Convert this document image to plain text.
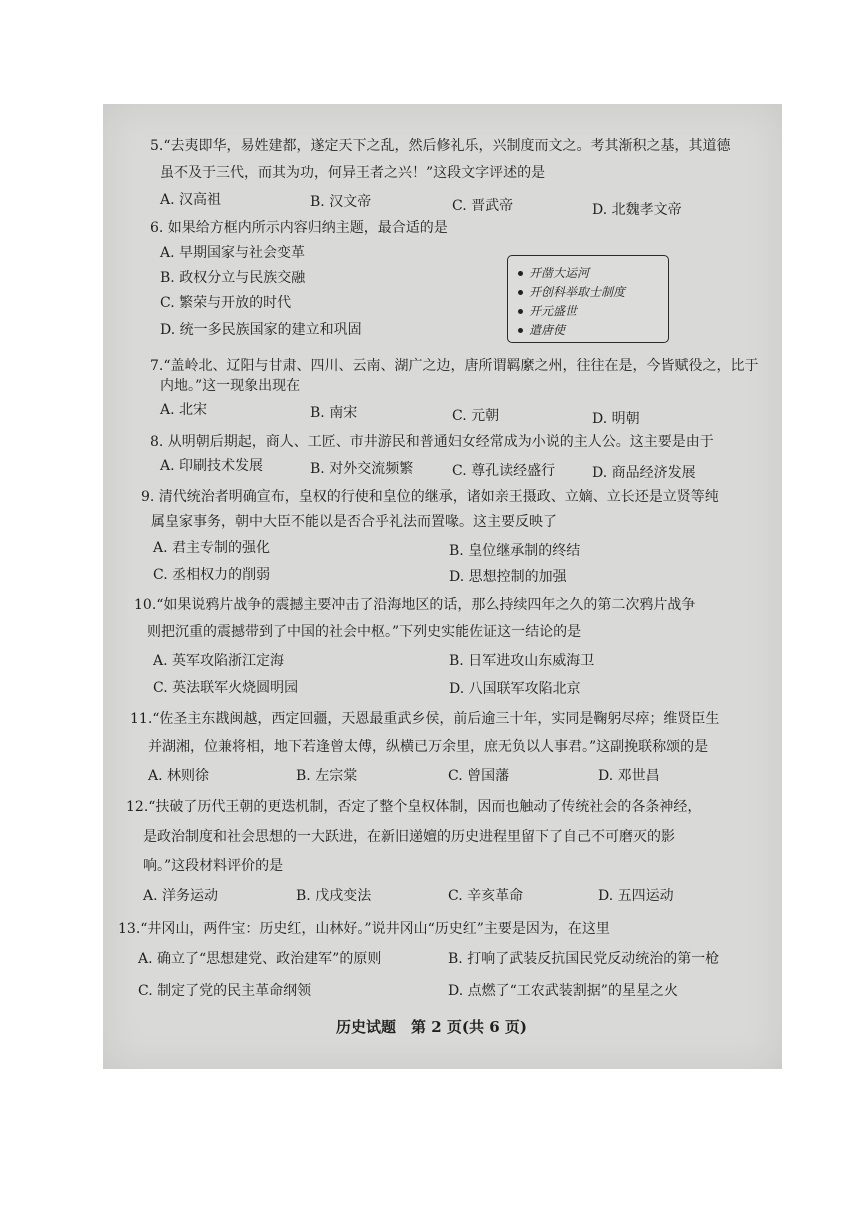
5.“去夷即华，易姓建都，遂定天下之乱，然后修礼乐，兴制度而文之。考其渐积之基，其道德
虽不及于三代，而其为功，何异王者之兴！”这段文字评述的是
A. 汉高祖	B. 汉文帝	C. 晋武帝	D. 北魏孝文帝
6. 如果给方框内所示内容归纳主题，最合适的是
A. 早期国家与社会变革
B. 政权分立与民族交融
C. 繁荣与开放的时代
D. 统一多民族国家的建立和巩固
开凿大运河
开创科举取士制度
开元盛世
遣唐使
7.“盖岭北、辽阳与甘肃、四川、云南、湖广之边，唐所谓羁縻之州，往往在是，今皆赋役之，比于
内地。”这一现象出现在
A. 北宋	B. 南宋	C. 元朝	D. 明朝
8. 从明朝后期起，商人、工匠、市井游民和普通妇女经常成为小说的主人公。这主要是由于
A. 印刷技术发展	B. 对外交流频繁	C. 尊孔读经盛行	D. 商品经济发展
9. 清代统治者明确宣布，皇权的行使和皇位的继承，诸如亲王摄政、立嫡、立长还是立贤等纯
属皇家事务，朝中大臣不能以是否合乎礼法而置喙。这主要反映了
A. 君主专制的强化	B. 皇位继承制的终结
C. 丞相权力的削弱	D. 思想控制的加强
10.“如果说鸦片战争的震撼主要冲击了沿海地区的话，那么持续四年之久的第二次鸦片战争
则把沉重的震撼带到了中国的社会中枢。”下列史实能佐证这一结论的是
A. 英军攻陷浙江定海	B. 日军进攻山东威海卫
C. 英法联军火烧圆明园	D. 八国联军攻陷北京
11.“佐圣主东戡闽越，西定回疆，天恩最重武乡侯，前后逾三十年，实同是鞠躬尽瘁；维贤臣生
并湖湘，位兼将相，地下若逢曾太傅，纵横已万余里，庶无负以人事君。”这副挽联称颂的是
A. 林则徐	B. 左宗棠	C. 曾国藩	D. 邓世昌
12.“扶破了历代王朝的更迭机制，否定了整个皇权体制，因而也触动了传统社会的各条神经，
是政治制度和社会思想的一大跃进，在新旧递嬗的历史进程里留下了自己不可磨灭的影
响。”这段材料评价的是
A. 洋务运动	B. 戊戌变法	C. 辛亥革命	D. 五四运动
13.“井冈山，两件宝：历史红，山林好。”说井冈山“历史红”主要是因为，在这里
A. 确立了“思想建党、政治建军”的原则	B. 打响了武装反抗国民党反动统治的第一枪
C. 制定了党的民主革命纲领	D. 点燃了“工农武装割据”的星星之火
历史试题　第 2 页(共 6 页)
